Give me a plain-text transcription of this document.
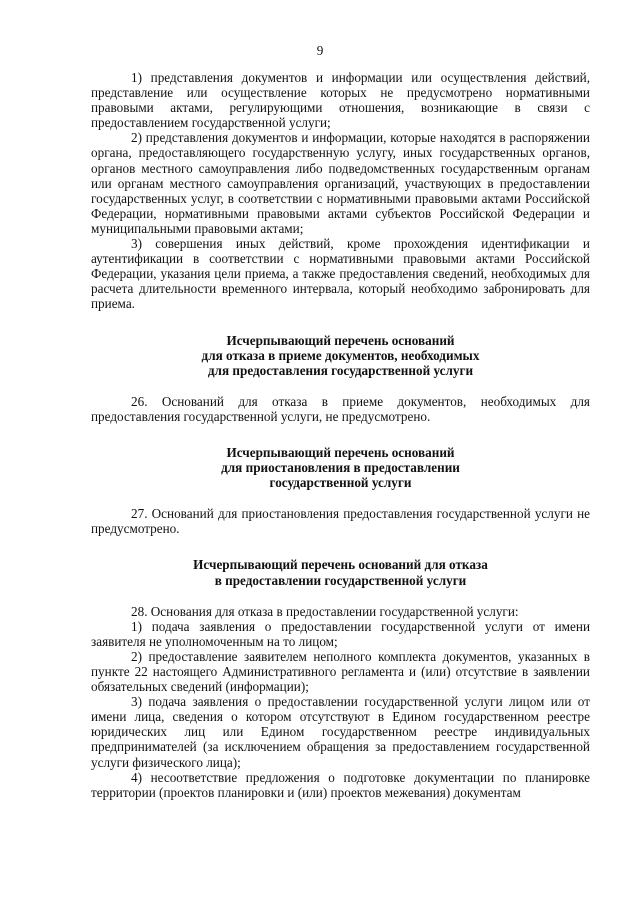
9

1) представления документов и информации или осуществления действий, представление или осуществление которых не предусмотрено нормативными правовыми актами, регулирующими отношения, возникающие в связи с предоставлением государственной услуги;

2) представления документов и информации, которые находятся в распоряжении органа, предоставляющего государственную услугу, иных государственных органов, органов местного самоуправления либо подведомственных государственным органам или органам местного самоуправления организаций, участвующих в предоставлении государственных услуг, в соответствии с нормативными правовыми актами Российской Федерации, нормативными правовыми актами субъектов Российской Федерации и муниципальными правовыми актами;

3) совершения иных действий, кроме прохождения идентификации и аутентификации в соответствии с нормативными правовыми актами Российской Федерации, указания цели приема, а также предоставления сведений, необходимых для расчета длительности временного интервала, который необходимо забронировать для приема.

Исчерпывающий перечень оснований

для отказа в приеме документов, необходимых

для предоставления государственной услуги

26. Оснований для отказа в приеме документов, необходимых для предоставления государственной услуги, не предусмотрено.

Исчерпывающий перечень оснований

для приостановления в предоставлении

государственной услуги

27. Оснований для приостановления предоставления государственной услуги не предусмотрено.

Исчерпывающий перечень оснований для отказа

в предоставлении государственной услуги

28. Основания для отказа в предоставлении государственной услуги:

1) подача заявления о предоставлении государственной услуги от имени заявителя не уполномоченным на то лицом;

2) предоставление заявителем неполного комплекта документов, указанных в пункте 22 настоящего Административного регламента и (или) отсутствие в заявлении обязательных сведений (информации);

3) подача заявления о предоставлении государственной услуги лицом или от имени лица, сведения о котором отсутствуют в Едином государственном реестре юридических лиц или Едином государственном реестре индивидуальных предпринимателей (за исключением обращения за предоставлением государственной услуги физического лица);

4) несоответствие предложения о подготовке документации по планировке территории (проектов планировки и (или) проектов межевания) документам
